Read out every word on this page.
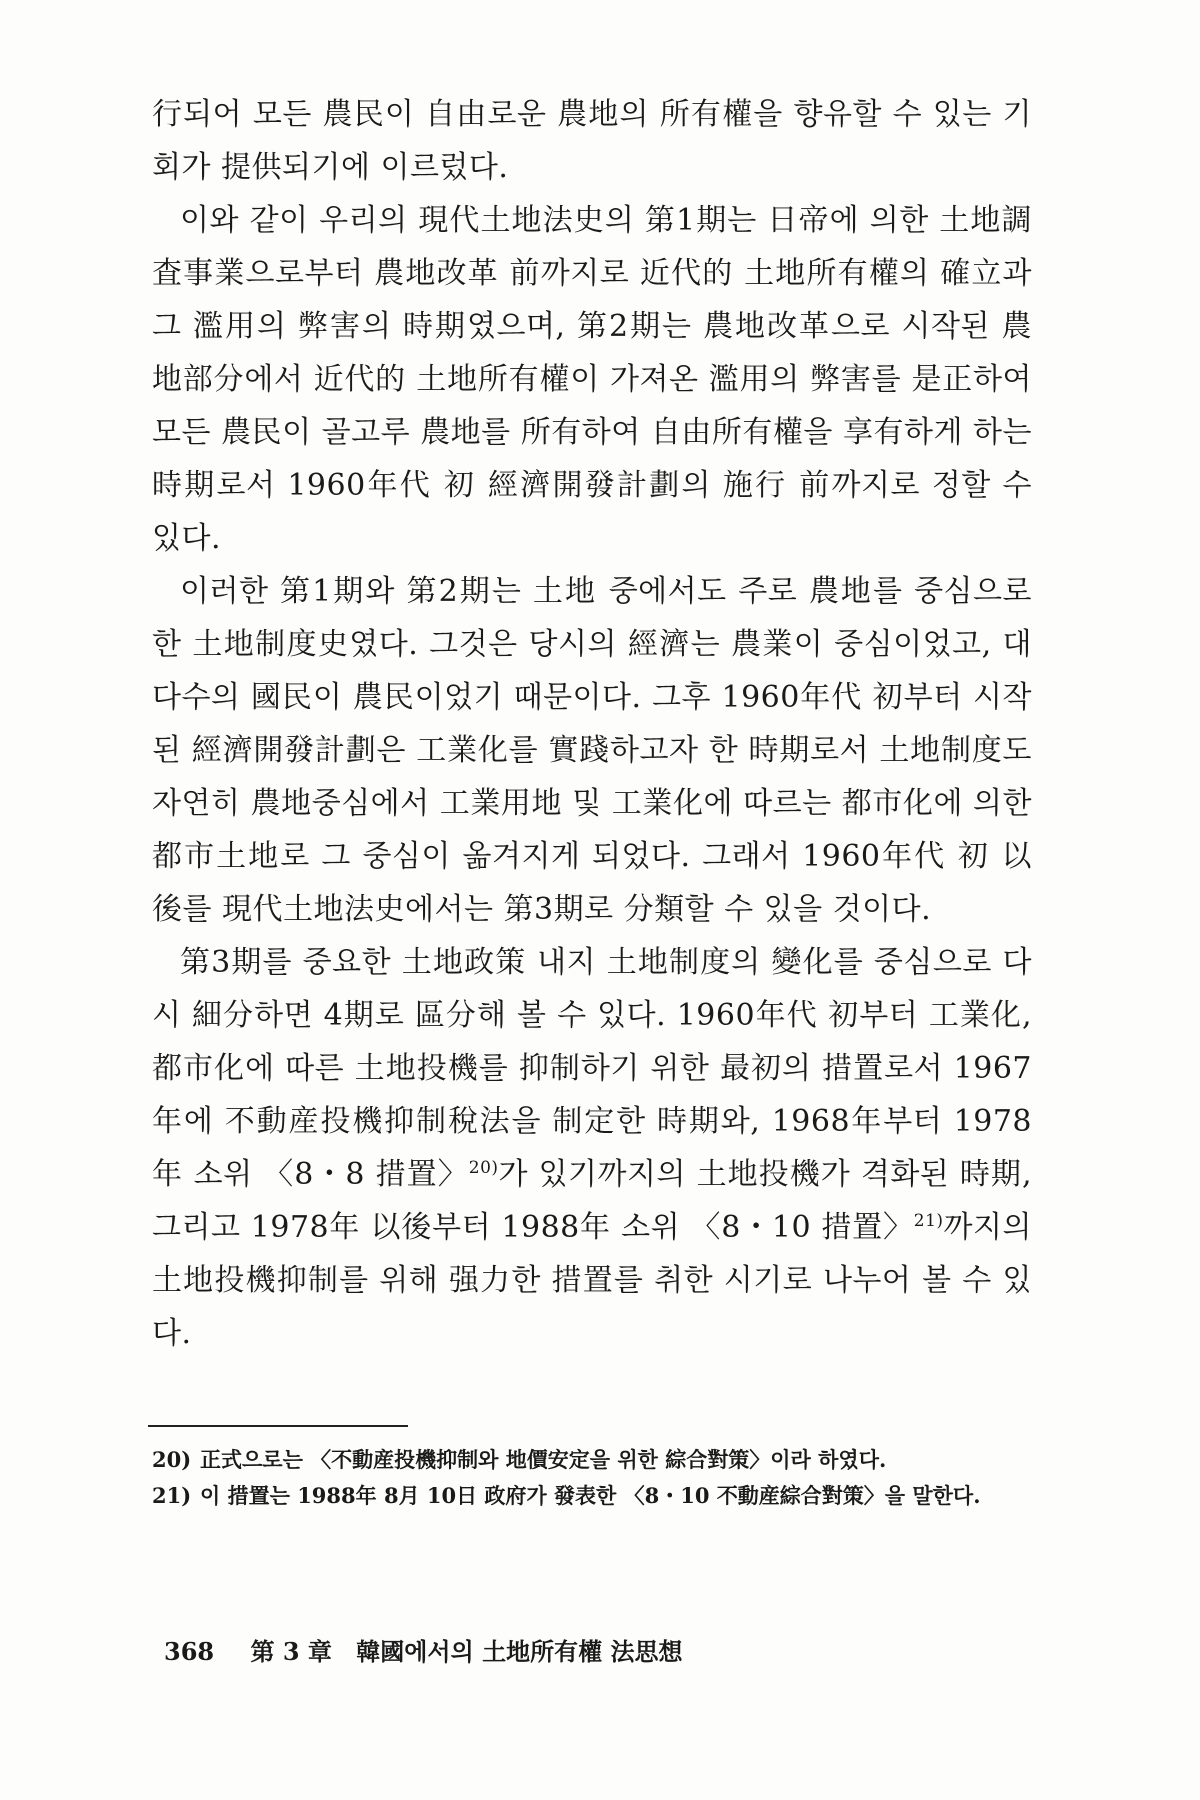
行되어 모든 農民이 自由로운 農地의 所有權을 향유할 수 있는 기회가 提供되기에 이르렀다.

이와 같이 우리의 現代土地法史의 第1期는 日帝에 의한 土地調査事業으로부터 農地改革 前까지로 近代的 土地所有權의 確立과 그 濫用의 弊害의 時期였으며, 第2期는 農地改革으로 시작된 農地部分에서 近代的 土地所有權이 가져온 濫用의 弊害를 是正하여 모든 農民이 골고루 農地를 所有하여 自由所有權을 享有하게 하는 時期로서 1960年代 初 經濟開發計劃의 施行 前까지로 정할 수 있다.

이러한 第1期와 第2期는 土地 중에서도 주로 農地를 중심으로 한 土地制度史였다. 그것은 당시의 經濟는 農業이 중심이었고, 대다수의 國民이 農民이었기 때문이다. 그후 1960年代 初부터 시작된 經濟開發計劃은 工業化를 實踐하고자 한 時期로서 土地制度도 자연히 農地중심에서 工業用地 및 工業化에 따르는 都市化에 의한 都市土地로 그 중심이 옮겨지게 되었다. 그래서 1960年代 初 以後를 現代土地法史에서는 第3期로 分類할 수 있을 것이다.

第3期를 중요한 土地政策 내지 土地制度의 變化를 중심으로 다시 細分하면 4期로 區分해 볼 수 있다. 1960年代 初부터 工業化, 都市化에 따른 土地投機를 抑制하기 위한 最初의 措置로서 1967年에 不動産投機抑制稅法을 制定한 時期와, 1968年부터 1978年 소위 〈8・8 措置〉$^{20)}$가 있기까지의 土地投機가 격화된 時期, 그리고 1978年 以後부터 1988年 소위 〈8・10 措置〉$^{21)}$까지의 土地投機抑制를 위해 强力한 措置를 취한 시기로 나누어 볼 수 있다.

20) 正式으로는 〈不動産投機抑制와 地價安定을 위한 綜合對策〉이라 하였다.
21) 이 措置는 1988年 8月 10日 政府가 發表한 〈8・10 不動産綜合對策〉을 말한다.
368 第 3 章 韓國에서의 土地所有權 法思想
